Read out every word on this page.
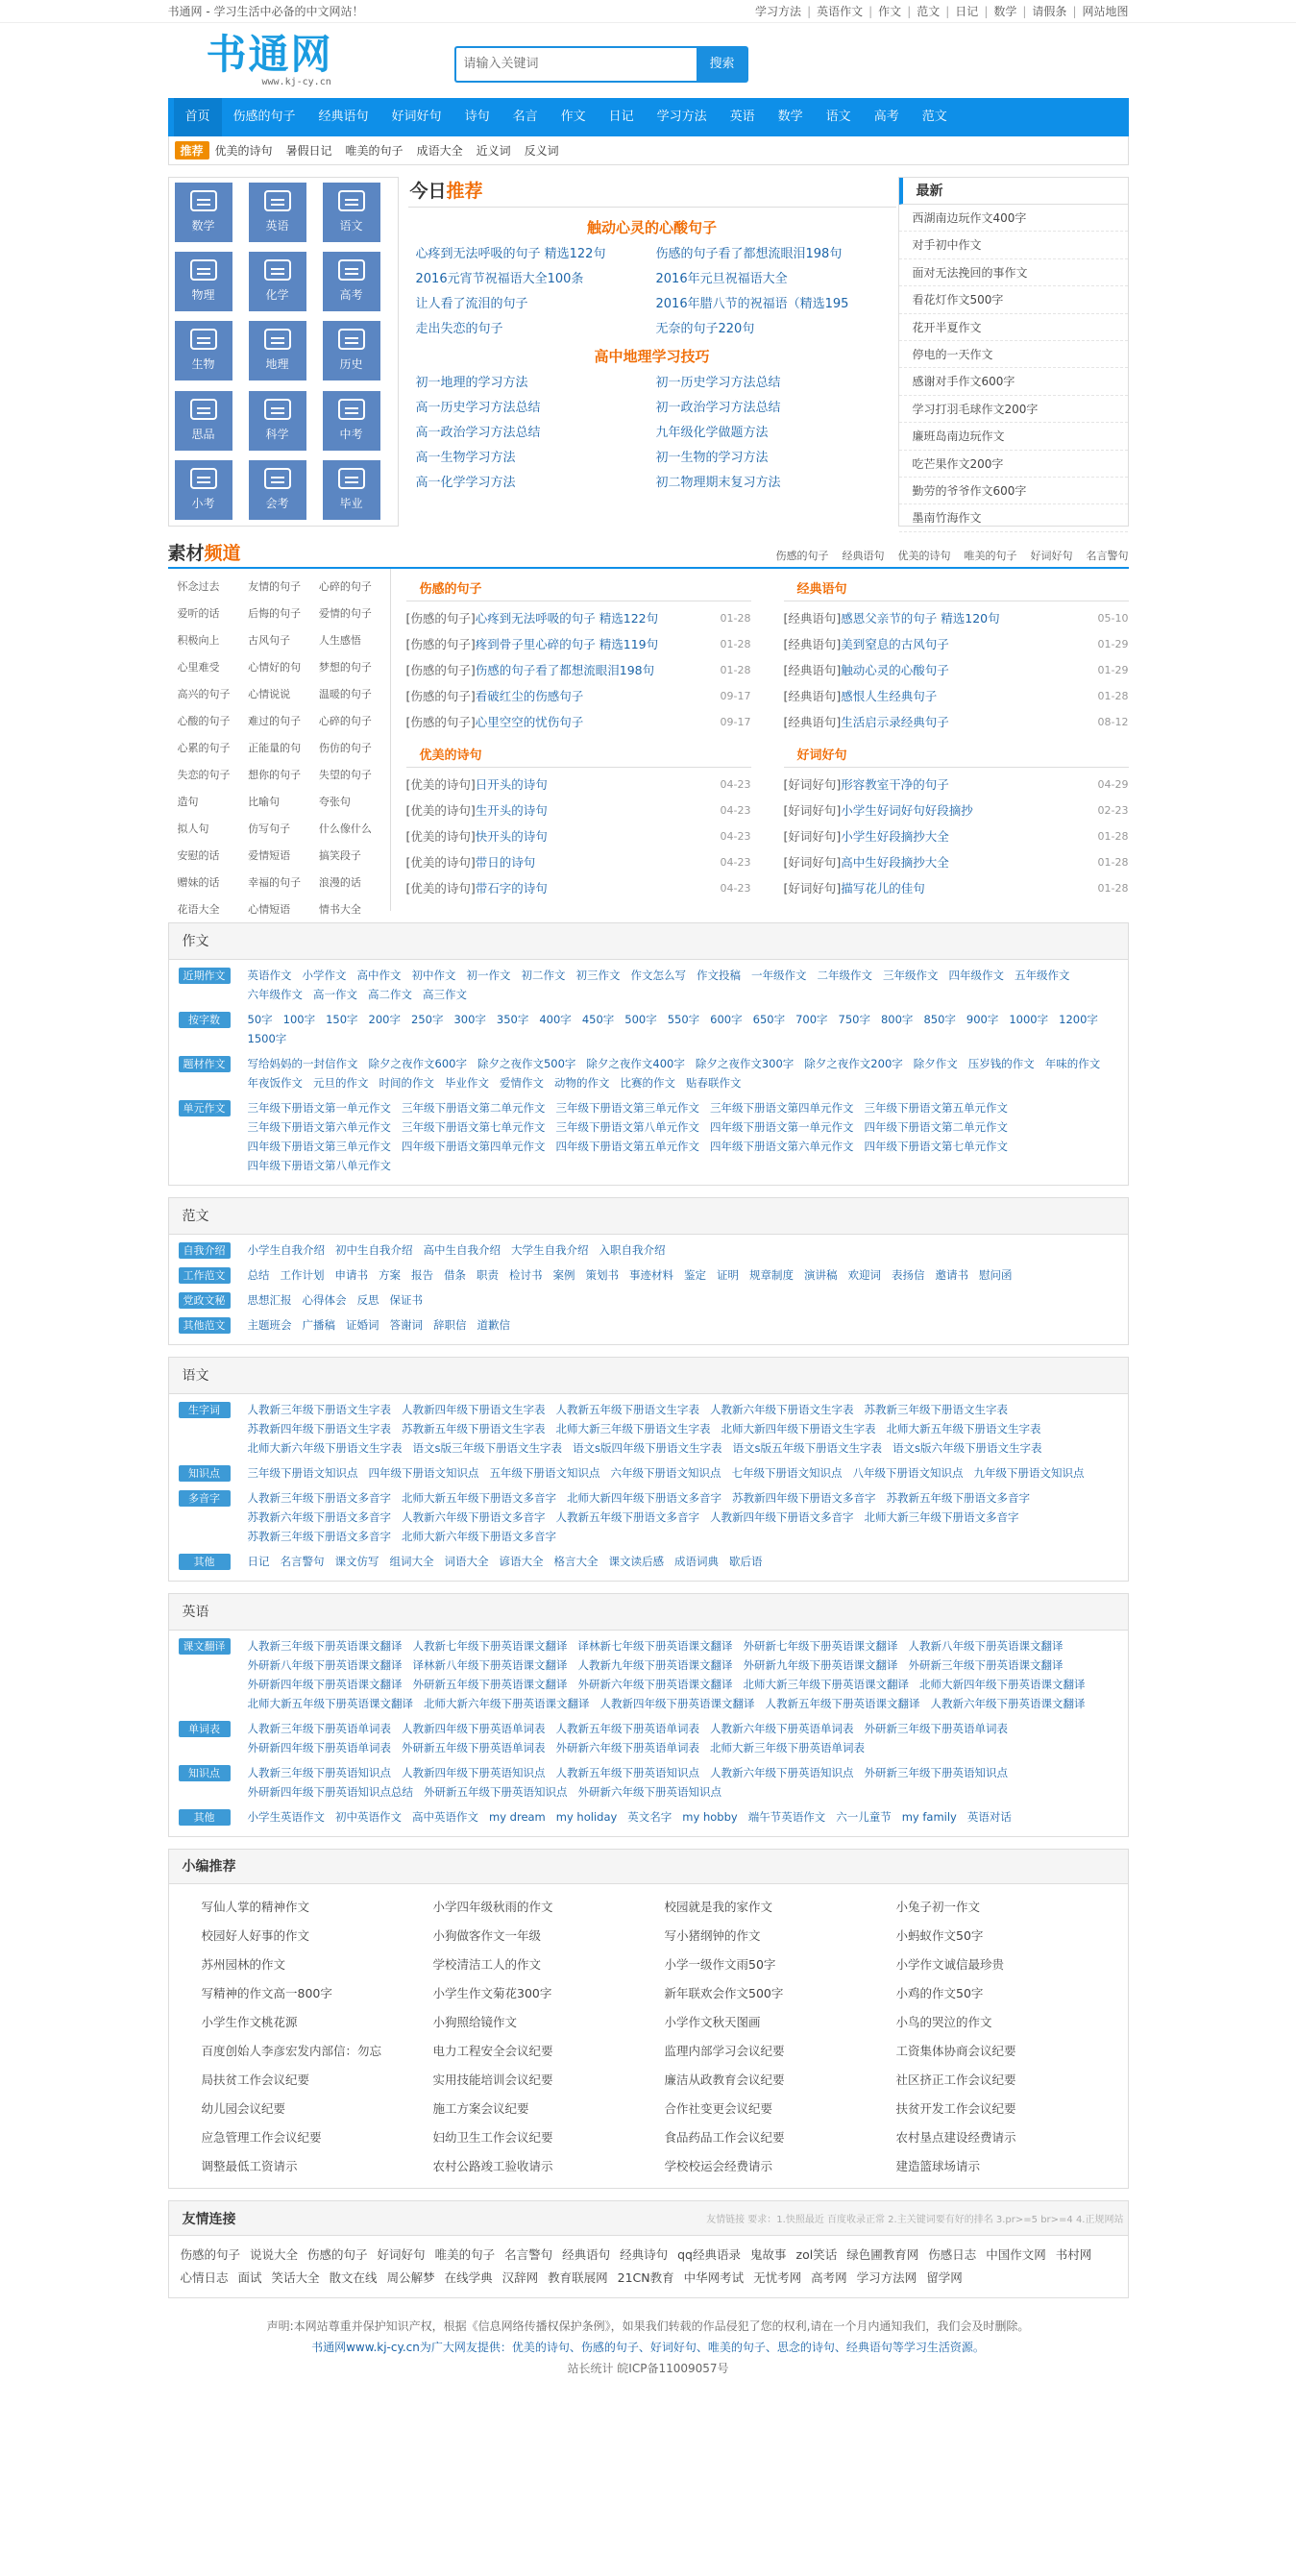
书通网 - 学习生活中必备的中文网站！	学习方法 | 英语作文 | 作文 | 范文 | 日记 | 数学 | 请假条 | 网站地图
书通网
www.kj-cy.cn
请输入关键词	搜索
首页	伤感的句子	经典语句	好词好句	诗句	名言	作文	日记	学习方法	英语	数学	语文	高考	范文
推荐	优美的诗句 暑假日记 唯美的句子 成语大全 近义词 反义词
数学	英语	语文
物理	化学	高考
生物	地理	历史
思品	科学	中考
小考	会考	毕业
今日推荐
触动心灵的心酸句子
心疼到无法呼吸的句子 精选122句	伤感的句子看了都想流眼泪198句
2016元宵节祝福语大全100条	2016年元旦祝福语大全
让人看了流泪的句子	2016年腊八节的祝福语（精选195
走出失恋的句子	无奈的句子220句
高中地理学习技巧
初一地理的学习方法	初一历史学习方法总结
高一历史学习方法总结	初一政治学习方法总结
高一政治学习方法总结	九年级化学做题方法
高一生物学习方法	初一生物的学习方法
高一化学学习方法	初二物理期末复习方法
最新
西湖南边玩作文400字
对手初中作文
面对无法挽回的事作文
看花灯作文500字
花开半夏作文
停电的一天作文
感谢对手作文600字
学习打羽毛球作文200字
廉班岛南边玩作文
吃芒果作文200字
勤劳的爷爷作文600字
墨南竹海作文
素材频道	伤感的句子 经典语句 优美的诗句 唯美的句子 好词好句 名言警句
怀念过去	友情的句子	心碎的句子
爱听的话	后悔的句子	爱情的句子
积极向上	古风句子	人生感悟
心里难受	心情好的句	梦想的句子
高兴的句子	心情说说	温暖的句子
心酸的句子	难过的句子	心碎的句子
心累的句子	正能量的句	伤仿的句子
失恋的句子	想你的句子	失望的句子
造句	比喻句	夸张句
拟人句	仿写句子	什么像什么
安慰的话	爱情短语	搞笑段子
赠妹的话	幸福的句子	浪漫的话
花语大全	心情短语	情书大全
伤感的句子
[伤感的句子] 心疼到无法呼吸的句子 精选122句	01-28
[伤感的句子] 疼到骨子里心碎的句子 精选119句	01-28
[伤感的句子] 伤感的句子看了都想流眼泪198句	01-28
[伤感的句子] 看破红尘的伤感句子	09-17
[伤感的句子] 心里空空的忧伤句子	09-17
经典语句
[经典语句] 感恩父亲节的句子 精选120句	05-10
[经典语句] 美到窒息的古风句子	01-29
[经典语句] 触动心灵的心酸句子	01-29
[经典语句] 感恨人生经典句子	01-28
[经典语句] 生活启示录经典句子	08-12
优美的诗句
[优美的诗句] 日开头的诗句	04-23
[优美的诗句] 生开头的诗句	04-23
[优美的诗句] 快开头的诗句	04-23
[优美的诗句] 带日的诗句	04-23
[优美的诗句] 带石字的诗句	04-23
好词好句
[好词好句] 形容教室干净的句子	04-29
[好词好句] 小学生好词好句好段摘抄	02-23
[好词好句] 小学生好段摘抄大全	01-28
[好词好句] 高中生好段摘抄大全	01-28
[好词好句] 描写花儿的佳句	01-28
作文
近期作文	英语作文 小学作文 高中作文 初中作文 初一作文 初二作文 初三作文 作文怎么写 作文投稿 一年级作文 二年级作文 三年级作文 四年级作文 五年级作文六年级作文 高一作文 高二作文 高三作文
按字数	50字 100字 150字 200字 250字 300字 350字 400字 450字 500字 550字 600字 650字 700字 750字 800字 850字 900字 1000字 1200字1500字
题材作文	写给妈妈的一封信作文 除夕之夜作文600字 除夕之夜作文500字 除夕之夜作文400字 除夕之夜作文300字 除夕之夜作文200字 除夕作文 压岁钱的作文 年味的作文年夜饭作文 元旦的作文 时间的作文 毕业作文 爱情作文 动物的作文 比赛的作文 贴春联作文
单元作文	三年级下册语文第一单元作文 三年级下册语文第二单元作文 三年级下册语文第三单元作文 三年级下册语文第四单元作文 三年级下册语文第五单元作文三年级下册语文第六单元作文 三年级下册语文第七单元作文 三年级下册语文第八单元作文 四年级下册语文第一单元作文 四年级下册语文第二单元作文四年级下册语文第三单元作文 四年级下册语文第四单元作文 四年级下册语文第五单元作文 四年级下册语文第六单元作文 四年级下册语文第七单元作文四年级下册语文第八单元作文
范文
自我介绍	小学生自我介绍 初中生自我介绍 高中生自我介绍 大学生自我介绍 入职自我介绍
工作范文	总结 工作计划 申请书 方案 报告 借条 职责 检讨书 案例 策划书 事迹材料 鉴定 证明 规章制度 演讲稿 欢迎词 表扬信 邀请书 慰问函
党政文秘	思想汇报 心得体会 反思 保证书
其他范文	主题班会 广播稿 证婚词 答谢词 辞职信 道歉信
语文
生字词	人教新三年级下册语文生字表 人教新四年级下册语文生字表 人教新五年级下册语文生字表 人教新六年级下册语文生字表 苏教新三年级下册语文生字表苏教新四年级下册语文生字表 苏教新五年级下册语文生字表 北师大新三年级下册语文生字表 北师大新四年级下册语文生字表 北师大新五年级下册语文生字表北师大新六年级下册语文生字表 语文s版三年级下册语文生字表 语文s版四年级下册语文生字表 语文s版五年级下册语文生字表 语文s版六年级下册语文生字表
知识点	三年级下册语文知识点 四年级下册语文知识点 五年级下册语文知识点 六年级下册语文知识点 七年级下册语文知识点 八年级下册语文知识点 九年级下册语文知识点
多音字	人教新三年级下册语文多音字 北师大新五年级下册语文多音字 北师大新四年级下册语文多音字 苏教新四年级下册语文多音字 苏教新五年级下册语文多音字苏教新六年级下册语文多音字 人教新六年级下册语文多音字 人教新五年级下册语文多音字 人教新四年级下册语文多音字 北师大新三年级下册语文多音字苏教新三年级下册语文多音字 北师大新六年级下册语文多音字
其他	日记 名言警句 课文仿写 组词大全 词语大全 谚语大全 格言大全 课文读后感 成语词典 歇后语
英语
课文翻译	人教新三年级下册英语课文翻译 人教新七年级下册英语课文翻译 译林新七年级下册英语课文翻译 外研新七年级下册英语课文翻译 人教新八年级下册英语课文翻译外研新八年级下册英语课文翻译 译林新八年级下册英语课文翻译 人教新九年级下册英语课文翻译 外研新九年级下册英语课文翻译 外研新三年级下册英语课文翻译外研新四年级下册英语课文翻译 外研新五年级下册英语课文翻译 外研新六年级下册英语课文翻译 北师大新三年级下册英语课文翻译 北师大新四年级下册英语课文翻译北师大新五年级下册英语课文翻译 北师大新六年级下册英语课文翻译 人教新四年级下册英语课文翻译 人教新五年级下册英语课文翻译 人教新六年级下册英语课文翻译
单词表	人教新三年级下册英语单词表 人教新四年级下册英语单词表 人教新五年级下册英语单词表 人教新六年级下册英语单词表 外研新三年级下册英语单词表外研新四年级下册英语单词表 外研新五年级下册英语单词表 外研新六年级下册英语单词表 北师大新三年级下册英语单词表
知识点	人教新三年级下册英语知识点 人教新四年级下册英语知识点 人教新五年级下册英语知识点 人教新六年级下册英语知识点 外研新三年级下册英语知识点外研新四年级下册英语知识点总结 外研新五年级下册英语知识点 外研新六年级下册英语知识点
其他	小学生英语作文 初中英语作文 高中英语作文 my dream my holiday 英文名字 my hobby 端午节英语作文 六一儿童节 my family 英语对话
小编推荐
写仙人掌的精神作文	小学四年级秋雨的作文	校园就是我的家作文	小兔子初一作文
校园好人好事的作文	小狗做客作文一年级	写小猪纲钟的作文	小蚂蚁作文50字
苏州园林的作文	学校清洁工人的作文	小学一级作文雨50字	小学作文诚信最珍贵
写精神的作文高一800字	小学生作文菊花300字	新年联欢会作文500字	小鸡的作文50字
小学生作文桃花源	小狗照给镜作文	小学作文秋天图画	小鸟的哭泣的作文
百度创始人李彦宏发内部信：勿忘	电力工程安全会议纪要	监理内部学习会议纪要	工资集体协商会议纪要
局扶贫工作会议纪要	实用技能培训会议纪要	廉洁从政教育会议纪要	社区挤正工作会议纪要
幼儿园会议纪要	施工方案会议纪要	合作社变更会议纪要	扶贫开发工作会议纪要
应急管理工作会议纪要	妇幼卫生工作会议纪要	食品药品工作会议纪要	农村垦点建设经费请示
调整最低工资请示	农村公路竣工验收请示	学校校运会经费请示	建造篮球场请示
友情连接	友情链接 要求：1.快照最近 百度收录正常 2.主关键词要有好的排名 3.pr>=5 br>=4 4.正规网站
伤感的句子 说说大全 伤感的句子 好词好句 唯美的句子 名言警句 经典语句 经典诗句 qq经典语录 鬼故事 zol笑话 绿色圃教育网 伤感日志 中国作文网 书村网心情日志 面试 笑话大全 散文在线 周公解梦 在线学典 汉辞网 教育联展网 21CN教育 中华网考试 无忧考网 高考网 学习方法网 留学网
声明:本网站尊重并保护知识产权，根据《信息网络传播权保护条例》，如果我们转载的作品侵犯了您的权利,请在一个月内通知我们，我们会及时删除。
书通网www.kj-cy.cn为广大网友提供：优美的诗句、伤感的句子、好词好句、唯美的句子、思念的诗句、经典语句等学习生活资源。
站长统计 皖ICP备11009057号
